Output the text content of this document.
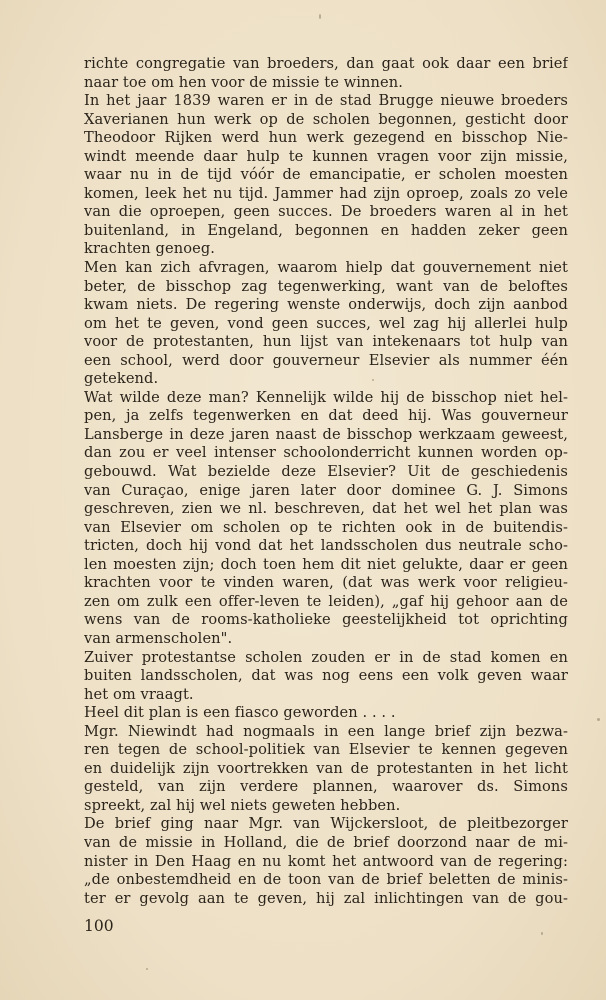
richte congregatie van broeders, dan gaat ook daar een brief
naar toe om hen voor de missie te winnen.
In het jaar 1839 waren er in de stad Brugge nieuwe broeders
Xaverianen hun werk op de scholen begonnen, gesticht door
Theodoor Rijken werd hun werk gezegend en bisschop Nie-
windt meende daar hulp te kunnen vragen voor zijn missie,
waar nu in de tijd vóór de emancipatie, er scholen moesten
komen, leek het nu tijd. Jammer had zijn oproep, zoals zo vele
van die oproepen, geen succes. De broeders waren al in het
buitenland, in Engeland, begonnen en hadden zeker geen
krachten genoeg.
Men kan zich afvragen, waarom hielp dat gouvernement niet
beter, de bisschop zag tegenwerking, want van de beloftes
kwam niets. De regering wenste onderwijs, doch zijn aanbod
om het te geven, vond geen succes, wel zag hij allerlei hulp
voor de protestanten, hun lijst van intekenaars tot hulp van
een school, werd door gouverneur Elsevier als nummer één
getekend.
Wat wilde deze man? Kennelijk wilde hij de bisschop niet hel-
pen, ja zelfs tegenwerken en dat deed hij. Was gouverneur
Lansberge in deze jaren naast de bisschop werkzaam geweest,
dan zou er veel intenser schoolonderricht kunnen worden op-
gebouwd. Wat bezielde deze Elsevier? Uit de geschiedenis
van Curaçao, enige jaren later door dominee G. J. Simons
geschreven, zien we nl. beschreven, dat het wel het plan was
van Elsevier om scholen op te richten ook in de buitendis-
tricten, doch hij vond dat het landsscholen dus neutrale scho-
len moesten zijn; doch toen hem dit niet gelukte, daar er geen
krachten voor te vinden waren, (dat was werk voor religieu-
zen om zulk een offer-leven te leiden), „gaf hij gehoor aan de
wens van de rooms-katholieke geestelijkheid tot oprichting
van armenscholen".
Zuiver protestantse scholen zouden er in de stad komen en
buiten landsscholen, dat was nog eens een volk geven waar
het om vraagt.
Heel dit plan is een fiasco geworden . . . .
Mgr. Niewindt had nogmaals in een lange brief zijn bezwa-
ren tegen de school-politiek van Elsevier te kennen gegeven
en duidelijk zijn voortrekken van de protestanten in het licht
gesteld, van zijn verdere plannen, waarover ds. Simons
spreekt, zal hij wel niets geweten hebben.
De brief ging naar Mgr. van Wijckersloot, de pleitbezorger
van de missie in Holland, die de brief doorzond naar de mi-
nister in Den Haag en nu komt het antwoord van de regering:
„de onbestemdheid en de toon van de brief beletten de minis-
ter er gevolg aan te geven, hij zal inlichtingen van de gou-
100
